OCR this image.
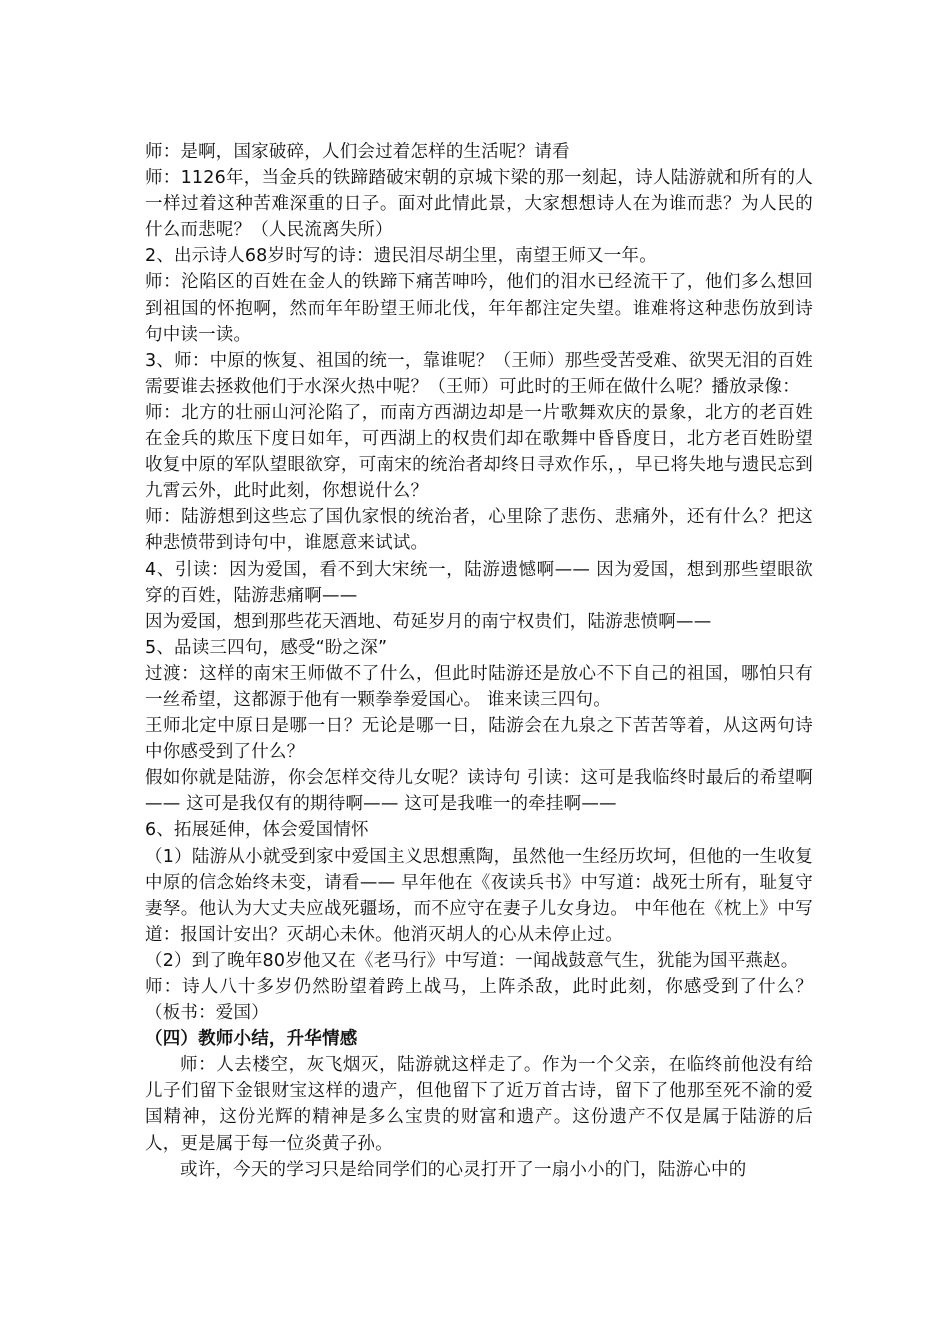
师：是啊，国家破碎，人们会过着怎样的生活呢？请看

师：1126年，当金兵的铁蹄踏破宋朝的京城卞梁的那一刻起，诗人陆游就和所有的人一样过着这种苦难深重的日子。面对此情此景，大家想想诗人在为谁而悲？为人民的什么而悲呢？（人民流离失所）

2、出示诗人68岁时写的诗：遗民泪尽胡尘里，南望王师又一年。

师：沦陷区的百姓在金人的铁蹄下痛苦呻吟，他们的泪水已经流干了，他们多么想回到祖国的怀抱啊，然而年年盼望王师北伐，年年都注定失望。谁难将这种悲伤放到诗句中读一读。

3、师：中原的恢复、祖国的统一，靠谁呢？（王师）那些受苦受难、欲哭无泪的百姓需要谁去拯救他们于水深火热中呢？（王师）可此时的王师在做什么呢？播放录像：

师：北方的壮丽山河沦陷了，而南方西湖边却是一片歌舞欢庆的景象，北方的老百姓在金兵的欺压下度日如年，可西湖上的权贵们却在歌舞中昏昏度日，北方老百姓盼望收复中原的军队望眼欲穿，可南宋的统治者却终日寻欢作乐，，早已将失地与遗民忘到九霄云外，此时此刻，你想说什么？

师：陆游想到这些忘了国仇家恨的统治者，心里除了悲伤、悲痛外，还有什么？把这种悲愤带到诗句中，谁愿意来试试。

4、引读：因为爱国，看不到大宋统一，陆游遗憾啊—— 因为爱国，想到那些望眼欲穿的百姓，陆游悲痛啊——

因为爱国，想到那些花天酒地、苟延岁月的南宁权贵们，陆游悲愤啊——

5、品读三四句，感受“盼之深”

过渡：这样的南宋王师做不了什么，但此时陆游还是放心不下自己的祖国，哪怕只有一丝希望，这都源于他有一颗拳拳爱国心。 谁来读三四句。

王师北定中原日是哪一日？无论是哪一日，陆游会在九泉之下苦苦等着，从这两句诗中你感受到了什么？

假如你就是陆游，你会怎样交待儿女呢？读诗句 引读：这可是我临终时最后的希望啊—— 这可是我仅有的期待啊—— 这可是我唯一的牵挂啊——

6、拓展延伸，体会爱国情怀

（1）陆游从小就受到家中爱国主义思想熏陶，虽然他一生经历坎坷，但他的一生收复中原的信念始终未变，请看—— 早年他在《夜读兵书》中写道：战死士所有，耻复守妻孥。他认为大丈夫应战死疆场，而不应守在妻子儿女身边。 中年他在《枕上》中写道：报国计安出？灭胡心未休。他消灭胡人的心从未停止过。

（2）到了晚年80岁他又在《老马行》中写道：一闻战鼓意气生，犹能为国平燕赵。

师：诗人八十多岁仍然盼望着跨上战马，上阵杀敌，此时此刻，你感受到了什么？（板书：爱国）

（四）教师小结，升华情感

师：人去楼空，灰飞烟灭，陆游就这样走了。作为一个父亲，在临终前他没有给儿子们留下金银财宝这样的遗产，但他留下了近万首古诗，留下了他那至死不渝的爱国精神，这份光辉的精神是多么宝贵的财富和遗产。这份遗产不仅是属于陆游的后人，更是属于每一位炎黄子孙。

或许，今天的学习只是给同学们的心灵打开了一扇小小的门，陆游心中的
